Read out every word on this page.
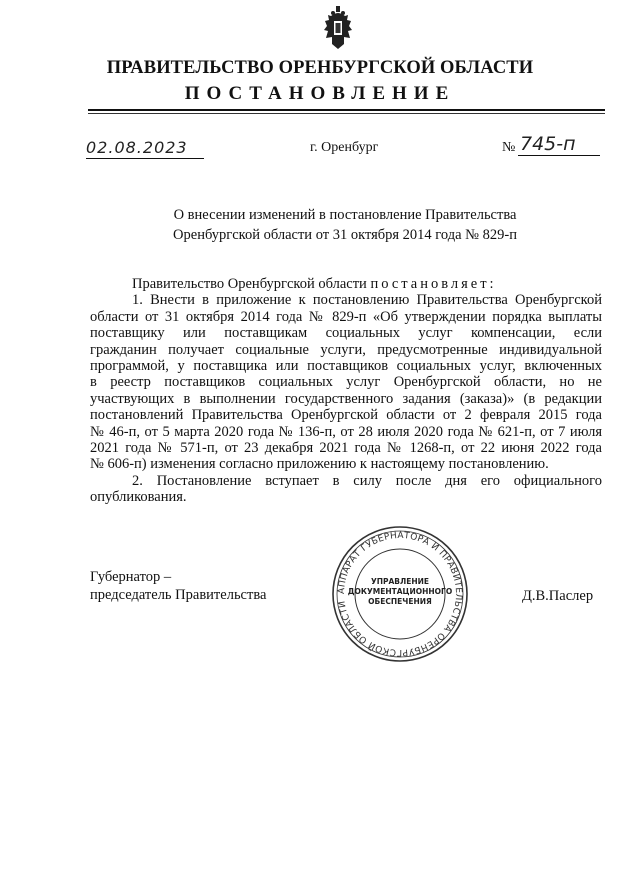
ПРАВИТЕЛЬСТВО ОРЕНБУРГСКОЙ ОБЛАСТИ
ПОСТАНОВЛЕНИЕ
02.08.2023	г. Оренбург	№ 745-п
О внесении изменений в постановление Правительства
Оренбургской области от 31 октября 2014 года № 829-п
Правительство Оренбургской области постановляет:
1. Внести в приложение к постановлению Правительства Оренбургской
области от 31 октября 2014 года № 829-п «Об утверждении порядка выплаты
поставщику или поставщикам социальных услуг компенсации, если
гражданин получает социальные услуги, предусмотренные индивидуальной
программой, у поставщика или поставщиков социальных услуг, включенных
в реестр поставщиков социальных услуг Оренбургской области, но не
участвующих в выполнении государственного задания (заказа)» (в редакции
постановлений Правительства Оренбургской области от 2 февраля 2015 года
№ 46-п, от 5 марта 2020 года № 136-п, от 28 июля 2020 года № 621-п, от 7 июля
2021 года № 571-п, от 23 декабря 2021 года № 1268-п, от 22 июня 2022 года
№ 606-п) изменения согласно приложению к настоящему постановлению.
2. Постановление вступает в силу после дня его официального
опубликования.
Губернатор –
председатель Правительства	Д.В.Паслер
АППАРАТ ГУБЕРНАТОРА И ПРАВИТЕЛЬСТВА ОРЕНБУРГСКОЙ ОБЛАСТИ
УПРАВЛЕНИЕ
ДОКУМЕНТАЦИОННОГО
ОБЕСПЕЧЕНИЯ
